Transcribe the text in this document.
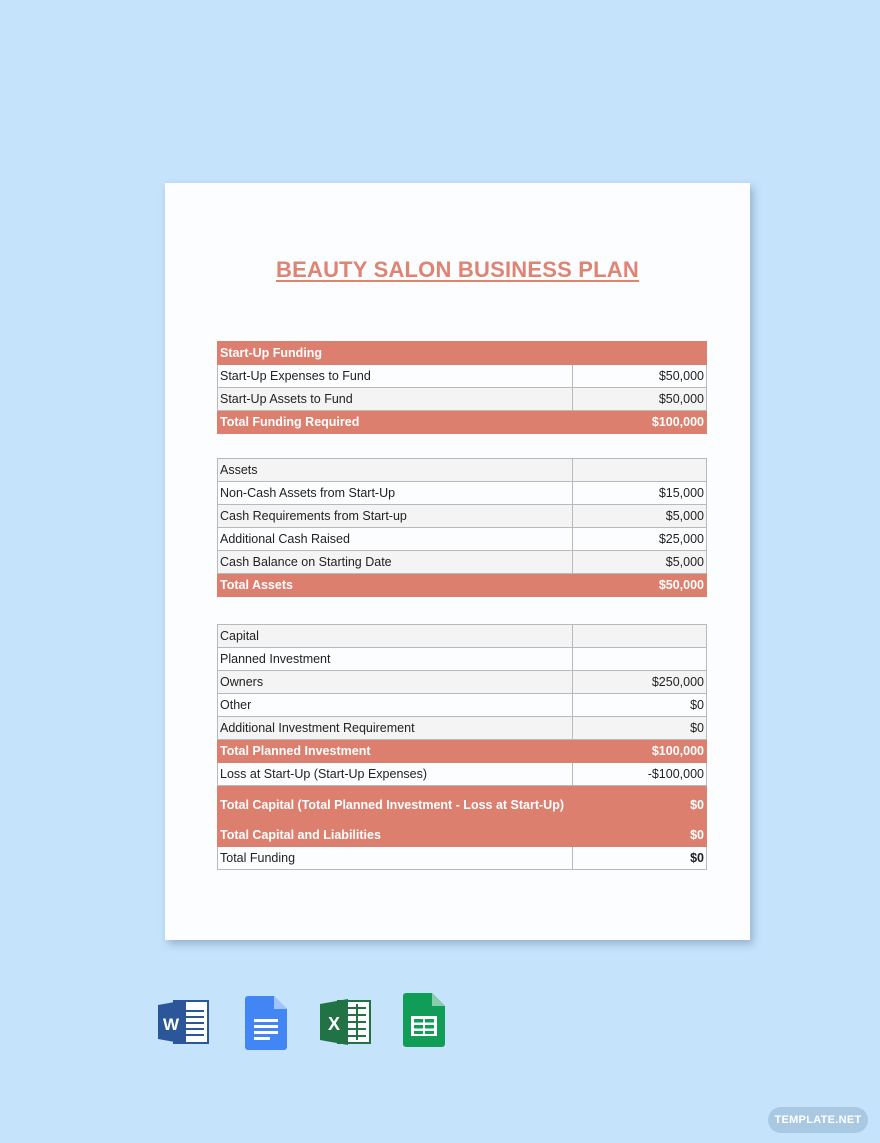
BEAUTY SALON BUSINESS PLAN
Start-Up Funding	
Start-Up Expenses to Fund	$50,000
Start-Up Assets to Fund	$50,000
Total Funding Required	$100,000
Assets	
Non-Cash Assets from Start-Up	$15,000
Cash Requirements from Start-up	$5,000
Additional Cash Raised	$25,000
Cash Balance on Starting Date	$5,000
Total Assets	$50,000
Capital	
Planned Investment	
Owners	$250,000
Other	$0
Additional Investment Requirement	$0
Total Planned Investment	$100,000
Loss at Start-Up (Start-Up Expenses)	-$100,000
Total Capital (Total Planned Investment - Loss at Start-Up)	$0
Total Capital and Liabilities	$0
Total Funding	$0
W	X
TEMPLATE.NET
